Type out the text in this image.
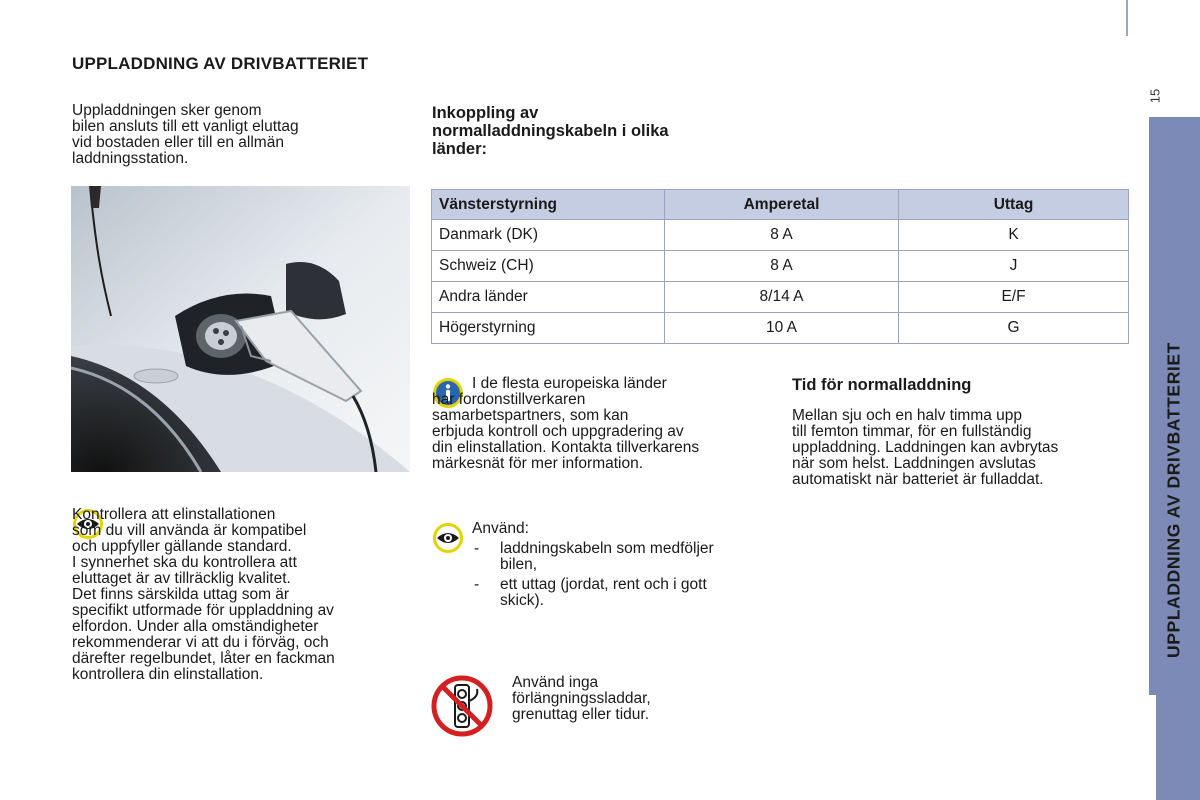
15
UPPLADDNING AV DRIVBATTERIET
UPPLADDNING AV DRIVBATTERIET

Uppladdningen sker genom
bilen ansluts till ett vanligt eluttag
vid bostaden eller till en allmän
laddningsstation.

Inkoppling av
normalladdningskabeln i olika
länder:
Vänsterstyrning	Amperetal	Uttag
Danmark (DK)	8 A	K
Schweiz (CH)	8 A	J
Andra länder	8/14 A	E/F
Högerstyrning	10 A	G

I de flesta europeiska länder
har fordonstillverkaren
samarbetspartners, som kan
erbjuda kontroll och uppgradering av
din elinstallation. Kontakta tillverkarens
märkesnät för mer information.

Tid för normalladdning

Mellan sju och en halv timma upp
till femton timmar, för en fullständig
uppladdning. Laddningen kan avbrytas
när som helst. Laddningen avslutas
automatiskt när batteriet är fulladdat.

Kontrollera att elinstallationen
som du vill använda är kompatibel
och uppfyller gällande standard.
I synnerhet ska du kontrollera att
eluttaget är av tillräcklig kvalitet.
Det finns särskilda uttag som är
specifikt utformade för uppladdning av
elfordon. Under alla omständigheter
rekommenderar vi att du i förväg, och
därefter regelbundet, låter en fackman
kontrollera din elinstallation.

Använd:

- laddningskabeln som medföljer
bilen,
- ett uttag (jordat, rent och i gott
skick).

Använd inga
förlängningssladdar,
grenuttag eller tidur.
